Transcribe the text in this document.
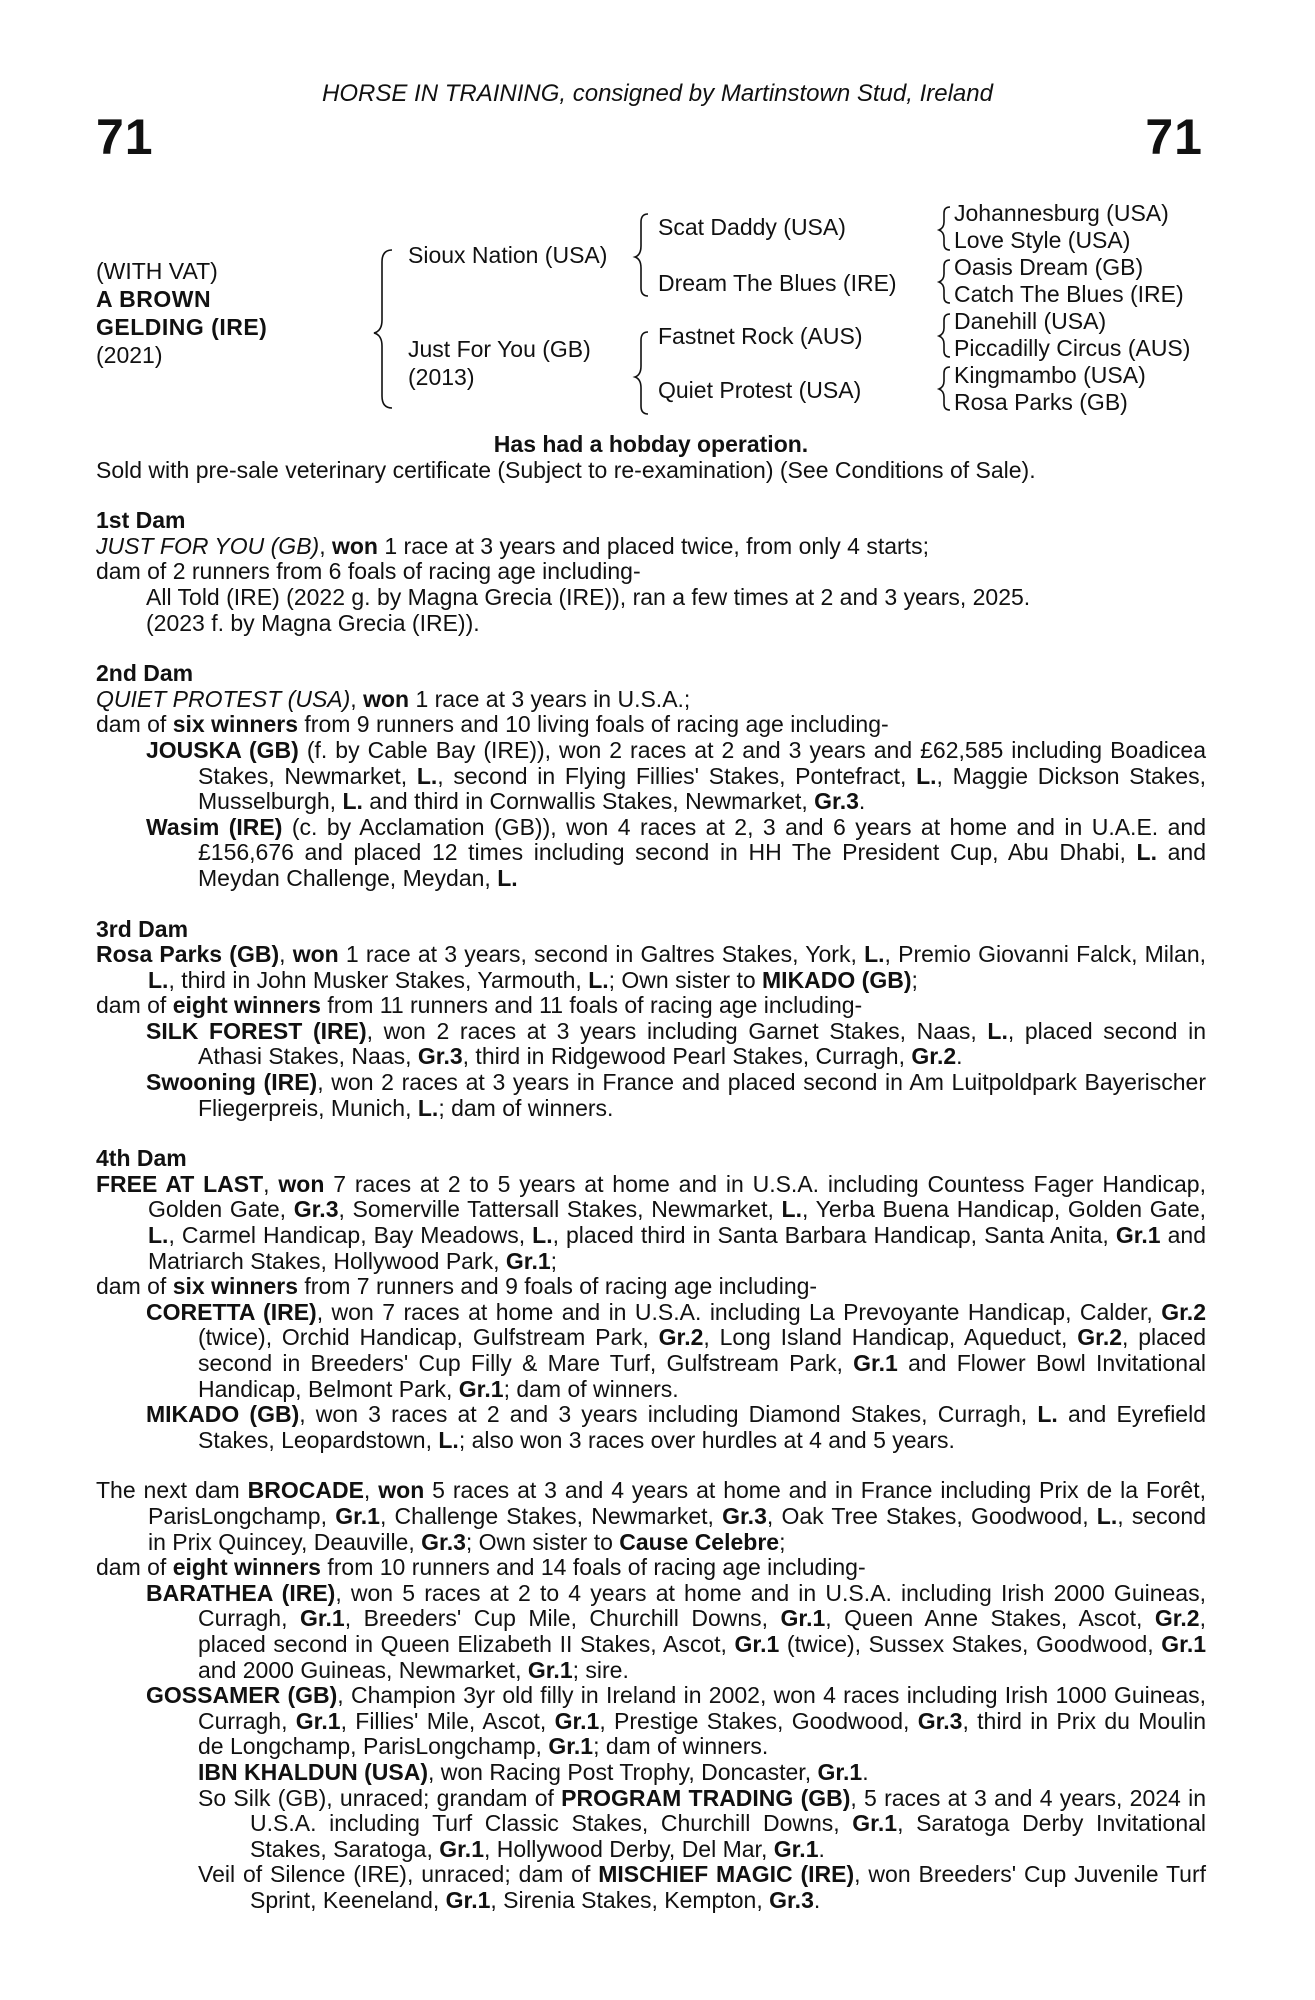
HORSE IN TRAINING, consigned by Martinstown Stud, Ireland
71	71
(WITH VAT)
A BROWN
GELDING (IRE)
(2021)
Sioux Nation (USA)
Just For You (GB)
(2013)
Scat Daddy (USA)
Dream The Blues (IRE)
Fastnet Rock (AUS)
Quiet Protest (USA)
Johannesburg (USA)
Love Style (USA)
Oasis Dream (GB)
Catch The Blues (IRE)
Danehill (USA)
Piccadilly Circus (AUS)
Kingmambo (USA)
Rosa Parks (GB)

Has had a hobday operation.

Sold with pre-sale veterinary certificate (Subject to re-examination) (See Conditions of Sale).

1st Dam

JUST FOR YOU (GB), won 1 race at 3 years and placed twice, from only 4 starts;

dam of 2 runners from 6 foals of racing age including-

All Told (IRE) (2022 g. by Magna Grecia (IRE)), ran a few times at 2 and 3 years, 2025.

(2023 f. by Magna Grecia (IRE)).

2nd Dam

QUIET PROTEST (USA), won 1 race at 3 years in U.S.A.;

dam of six winners from 9 runners and 10 living foals of racing age including-

JOUSKA (GB) (f. by Cable Bay (IRE)), won 2 races at 2 and 3 years and £62,585 including Boadicea Stakes, Newmarket, L., second in Flying Fillies' Stakes, Pontefract, L., Maggie Dickson Stakes, Musselburgh, L. and third in Cornwallis Stakes, Newmarket, Gr.3.

Wasim (IRE) (c. by Acclamation (GB)), won 4 races at 2, 3 and 6 years at home and in U.A.E. and £156,676 and placed 12 times including second in HH The President Cup, Abu Dhabi, L. and Meydan Challenge, Meydan, L.

3rd Dam

Rosa Parks (GB), won 1 race at 3 years, second in Galtres Stakes, York, L., Premio Giovanni Falck, Milan, L., third in John Musker Stakes, Yarmouth, L.; Own sister to MIKADO (GB);

dam of eight winners from 11 runners and 11 foals of racing age including-

SILK FOREST (IRE), won 2 races at 3 years including Garnet Stakes, Naas, L., placed second in Athasi Stakes, Naas, Gr.3, third in Ridgewood Pearl Stakes, Curragh, Gr.2.

Swooning (IRE), won 2 races at 3 years in France and placed second in Am Luitpoldpark Bayerischer Fliegerpreis, Munich, L.; dam of winners.

4th Dam

FREE AT LAST, won 7 races at 2 to 5 years at home and in U.S.A. including Countess Fager Handicap, Golden Gate, Gr.3, Somerville Tattersall Stakes, Newmarket, L., Yerba Buena Handicap, Golden Gate, L., Carmel Handicap, Bay Meadows, L., placed third in Santa Barbara Handicap, Santa Anita, Gr.1 and Matriarch Stakes, Hollywood Park, Gr.1;

dam of six winners from 7 runners and 9 foals of racing age including-

CORETTA (IRE), won 7 races at home and in U.S.A. including La Prevoyante Handicap, Calder, Gr.2 (twice), Orchid Handicap, Gulfstream Park, Gr.2, Long Island Handicap, Aqueduct, Gr.2, placed second in Breeders' Cup Filly & Mare Turf, Gulfstream Park, Gr.1 and Flower Bowl Invitational Handicap, Belmont Park, Gr.1; dam of winners.

MIKADO (GB), won 3 races at 2 and 3 years including Diamond Stakes, Curragh, L. and Eyrefield Stakes, Leopardstown, L.; also won 3 races over hurdles at 4 and 5 years.

The next dam BROCADE, won 5 races at 3 and 4 years at home and in France including Prix de la Forêt, ParisLongchamp, Gr.1, Challenge Stakes, Newmarket, Gr.3, Oak Tree Stakes, Goodwood, L., second in Prix Quincey, Deauville, Gr.3; Own sister to Cause Celebre;

dam of eight winners from 10 runners and 14 foals of racing age including-

BARATHEA (IRE), won 5 races at 2 to 4 years at home and in U.S.A. including Irish 2000 Guineas, Curragh, Gr.1, Breeders' Cup Mile, Churchill Downs, Gr.1, Queen Anne Stakes, Ascot, Gr.2, placed second in Queen Elizabeth II Stakes, Ascot, Gr.1 (twice), Sussex Stakes, Goodwood, Gr.1 and 2000 Guineas, Newmarket, Gr.1; sire.

GOSSAMER (GB), Champion 3yr old filly in Ireland in 2002, won 4 races including Irish 1000 Guineas, Curragh, Gr.1, Fillies' Mile, Ascot, Gr.1, Prestige Stakes, Goodwood, Gr.3, third in Prix du Moulin de Longchamp, ParisLongchamp, Gr.1; dam of winners.

IBN KHALDUN (USA), won Racing Post Trophy, Doncaster, Gr.1.

So Silk (GB), unraced; grandam of PROGRAM TRADING (GB), 5 races at 3 and 4 years, 2024 in U.S.A. including Turf Classic Stakes, Churchill Downs, Gr.1, Saratoga Derby Invitational Stakes, Saratoga, Gr.1, Hollywood Derby, Del Mar, Gr.1.

Veil of Silence (IRE), unraced; dam of MISCHIEF MAGIC (IRE), won Breeders' Cup Juvenile Turf Sprint, Keeneland, Gr.1, Sirenia Stakes, Kempton, Gr.3.
